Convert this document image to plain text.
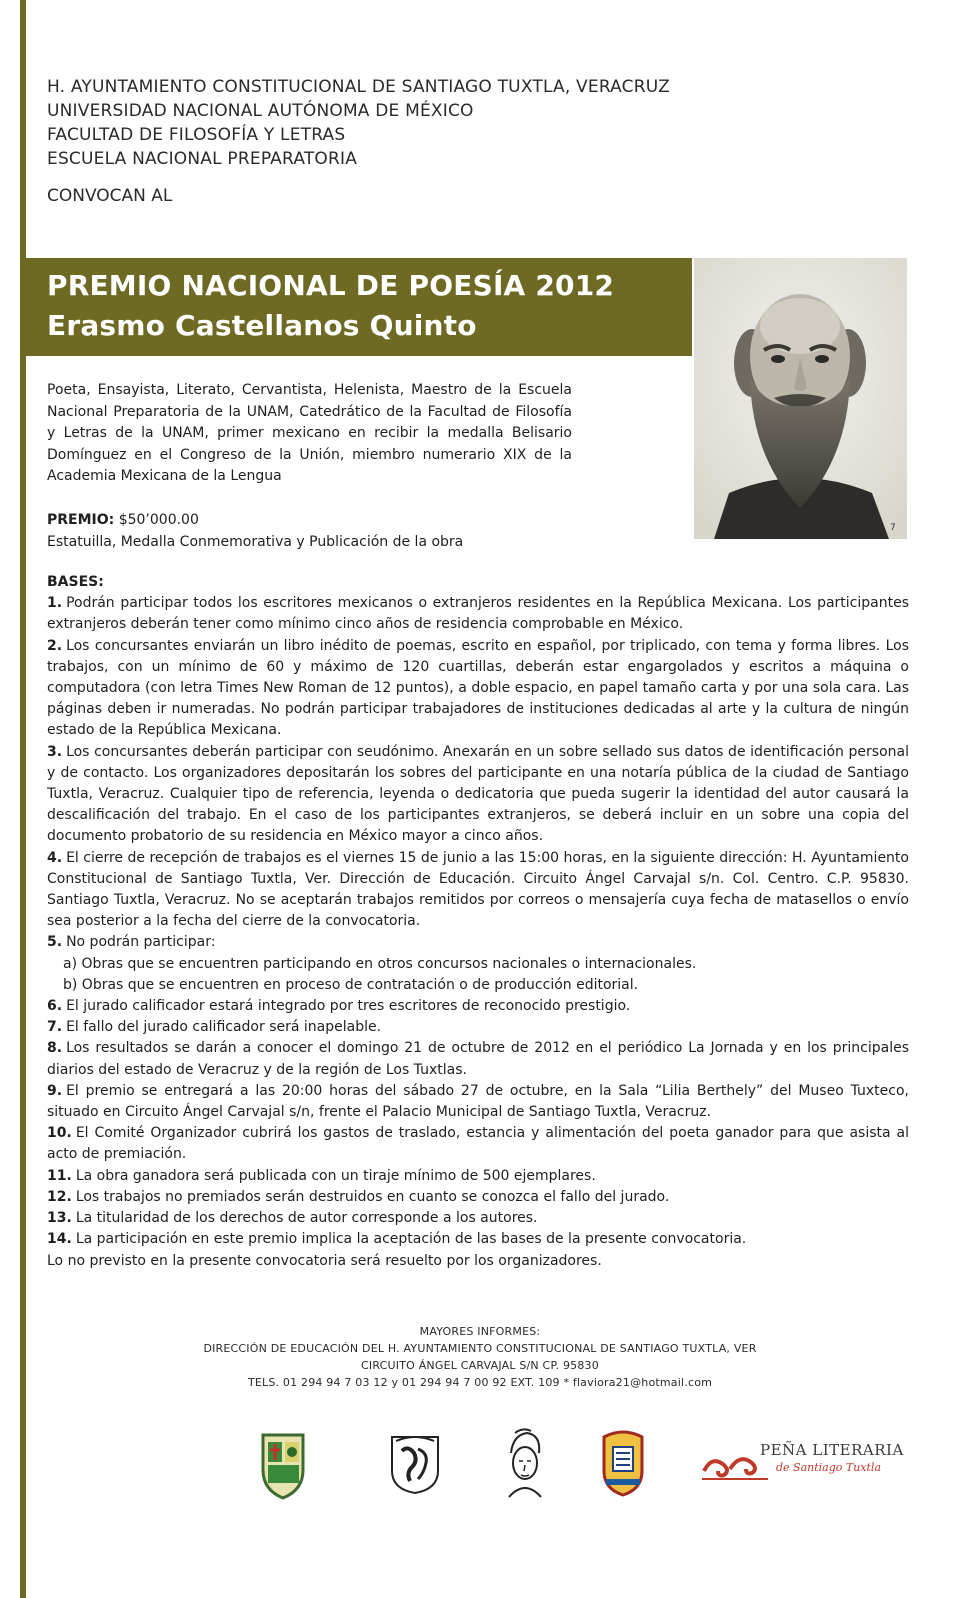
H. AYUNTAMIENTO CONSTITUCIONAL DE SANTIAGO TUXTLA, VERACRUZ
UNIVERSIDAD NACIONAL AUTÓNOMA DE MÉXICO
FACULTAD DE FILOSOFÍA Y LETRAS
ESCUELA NACIONAL PREPARATORIA
CONVOCAN AL
PREMIO NACIONAL DE POESÍA 2012
Erasmo Castellanos Quinto
7
Poeta, Ensayista, Literato, Cervantista, Helenista, Maestro de la Escuela Nacional Preparatoria de la UNAM, Catedrático de la Facultad de Filosofía y Letras de la UNAM, primer mexicano en recibir la medalla Belisario Domínguez en el Congreso de la Unión, miembro numerario XIX de la Academia Mexicana de la Lengua
PREMIO: $50’000.00
Estatuilla, Medalla Conmemorativa y Publicación de la obra
BASES:

1. Podrán participar todos los escritores mexicanos o extranjeros residentes en la República Mexicana. Los participantes extranjeros deberán tener como mínimo cinco años de residencia comprobable en México.

2. Los concursantes enviarán un libro inédito de poemas, escrito en español, por triplicado, con tema y forma libres. Los trabajos, con un mínimo de 60 y máximo de 120 cuartillas, deberán estar engargolados y escritos a máquina o computadora (con letra Times New Roman de 12 puntos), a doble espacio, en papel tamaño carta y por una sola cara. Las páginas deben ir numeradas. No podrán participar trabajadores de instituciones dedicadas al arte y la cultura de ningún estado de la República Mexicana.

3. Los concursantes deberán participar con seudónimo. Anexarán en un sobre sellado sus datos de identificación personal y de contacto. Los organizadores depositarán los sobres del participante en una notaría pública de la ciudad de Santiago Tuxtla, Veracruz. Cualquier tipo de referencia, leyenda o dedicatoria que pueda sugerir la identidad del autor causará la descalificación del trabajo. En el caso de los participantes extranjeros, se deberá incluir en un sobre una copia del documento probatorio de su residencia en México mayor a cinco años.

4. El cierre de recepción de trabajos es el viernes 15 de junio a las 15:00 horas, en la siguiente dirección: H. Ayuntamiento Constitucional de Santiago Tuxtla, Ver. Dirección de Educación. Circuito Ángel Carvajal s/n. Col. Centro. C.P. 95830. Santiago Tuxtla, Veracruz. No se aceptarán trabajos remitidos por correos o mensajería cuya fecha de matasellos o envío sea posterior a la fecha del cierre de la convocatoria.

5. No podrán participar:

a) Obras que se encuentren participando en otros concursos nacionales o internacionales.

b) Obras que se encuentren en proceso de contratación o de producción editorial.

6. El jurado calificador estará integrado por tres escritores de reconocido prestigio.

7. El fallo del jurado calificador será inapelable.

8. Los resultados se darán a conocer el domingo 21 de octubre de 2012 en el periódico La Jornada y en los principales diarios del estado de Veracruz y de la región de Los Tuxtlas.

9. El premio se entregará a las 20:00 horas del sábado 27 de octubre, en la Sala “Lilia Berthely” del Museo Tuxteco, situado en Circuito Ángel Carvajal s/n, frente el Palacio Municipal de Santiago Tuxtla, Veracruz.

10. El Comité Organizador cubrirá los gastos de traslado, estancia y alimentación del poeta ganador para que asista al acto de premiación.

11. La obra ganadora será publicada con un tiraje mínimo de 500 ejemplares.

12. Los trabajos no premiados serán destruidos en cuanto se conozca el fallo del jurado.

13. La titularidad de los derechos de autor corresponde a los autores.

14. La participación en este premio implica la aceptación de las bases de la presente convocatoria.

Lo no previsto en la presente convocatoria será resuelto por los organizadores.

MAYORES INFORMES:
DIRECCIÓN DE EDUCACIÓN DEL H. AYUNTAMIENTO CONSTITUCIONAL DE SANTIAGO TUXTLA, VER
CIRCUITO ÁNGEL CARVAJAL S/N CP. 95830
TELS. 01 294 94 7 03 12 y 01 294 94 7 00 92 EXT. 109 * flaviora21@hotmail.com
PEÑA LITERARIA
de Santiago Tuxtla
